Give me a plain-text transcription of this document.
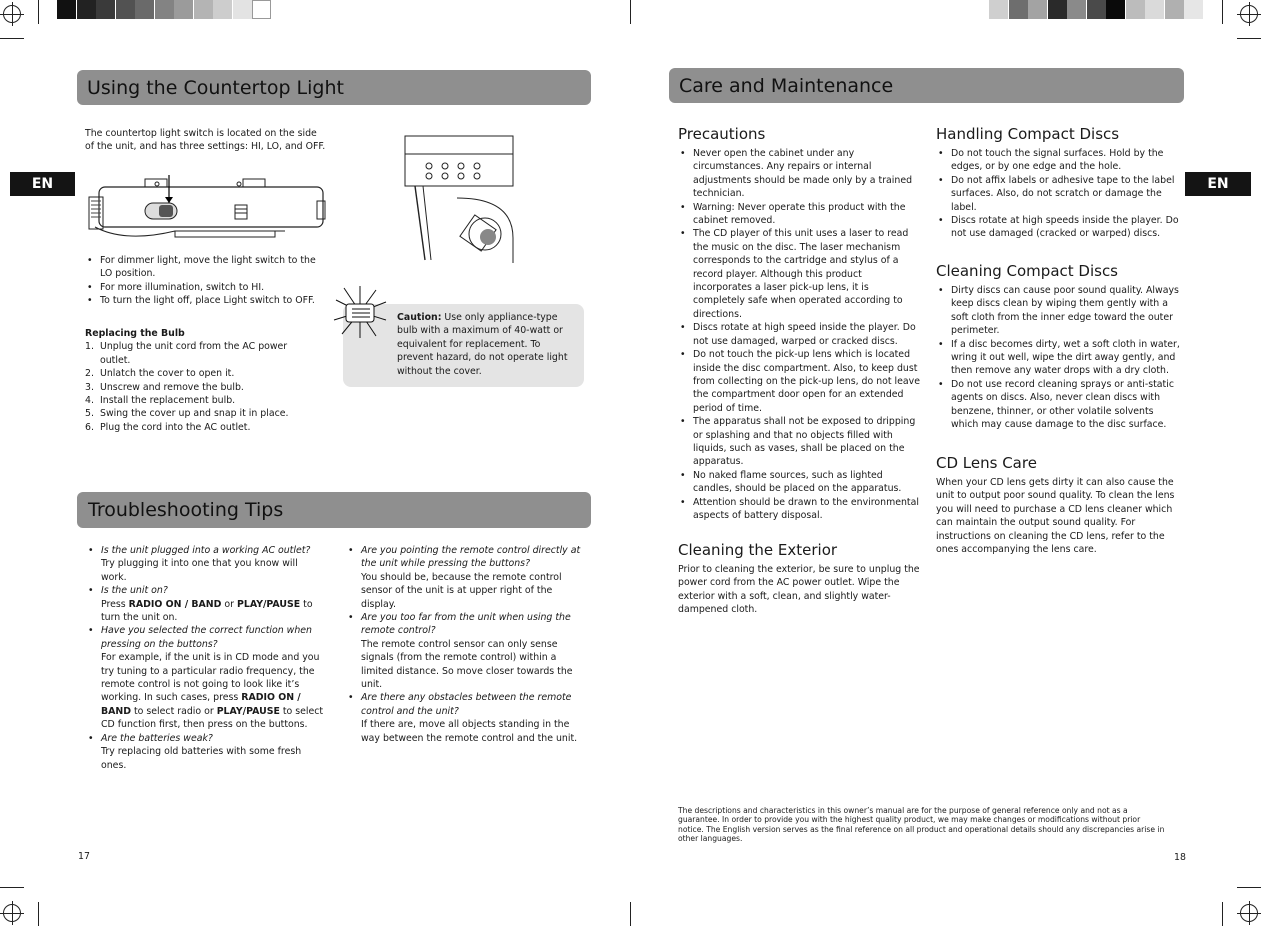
EN	EN
Using the Countertop Light
The countertop light switch is located on the side of the unit, and has three settings: HI, LO, and OFF.
• For dimmer light, move the light switch to the LO position.
• For more illumination, switch to HI.
• To turn the light off, place Light switch to OFF.
Replacing the Bulb
1. Unplug the unit cord from the AC power outlet.
2. Unlatch the cover to open it.
3. Unscrew and remove the bulb.
4. Install the replacement bulb.
5. Swing the cover up and snap it in place.
6. Plug the cord into the AC outlet.
Caution: Use only appliance-type bulb with a maximum of 40-watt or equivalent for replacement. To prevent hazard, do not operate light without the cover.
Troubleshooting Tips
• Is the unit plugged into a working AC outlet?
Try plugging it into one that you know will work.
• Is the unit on?
Press RADIO ON / BAND or PLAY/PAUSE to turn the unit on.
• Have you selected the correct function when pressing on the buttons?
For example, if the unit is in CD mode and you try tuning to a particular radio frequency, the remote control is not going to look like it’s working. In such cases, press RADIO ON / BAND to select radio or PLAY/PAUSE to select CD function first, then press on the buttons.
• Are the batteries weak?
Try replacing old batteries with some fresh ones.
• Are you pointing the remote control directly at the unit while pressing the buttons?
You should be, because the remote control sensor of the unit is at upper right of the display.
• Are you too far from the unit when using the remote control?
The remote control sensor can only sense signals (from the remote control) within a limited distance. So move closer towards the unit.
• Are there any obstacles between the remote control and the unit?
If there are, move all objects standing in the way between the remote control and the unit.
17
Care and Maintenance
Precautions
• Never open the cabinet under any circumstances. Any repairs or internal adjustments should be made only by a trained technician.
• Warning: Never operate this product with the cabinet removed.
• The CD player of this unit uses a laser to read the music on the disc. The laser mechanism corresponds to the cartridge and stylus of a record player. Although this product incorporates a laser pick-up lens, it is completely safe when operated according to directions.
• Discs rotate at high speed inside the player. Do not use damaged, warped or cracked discs.
• Do not touch the pick-up lens which is located inside the disc compartment. Also, to keep dust from collecting on the pick-up lens, do not leave the compartment door open for an extended period of time.
• The apparatus shall not be exposed to dripping or splashing and that no objects filled with liquids, such as vases, shall be placed on the apparatus.
• No naked flame sources, such as lighted candles, should be placed on the apparatus.
• Attention should be drawn to the environmental aspects of battery disposal.
Cleaning the Exterior
Prior to cleaning the exterior, be sure to unplug the power cord from the AC power outlet. Wipe the exterior with a soft, clean, and slightly water-dampened cloth.
Handling Compact Discs
• Do not touch the signal surfaces. Hold by the edges, or by one edge and the hole.
• Do not affix labels or adhesive tape to the label surfaces. Also, do not scratch or damage the label.
• Discs rotate at high speeds inside the player. Do not use damaged (cracked or warped) discs.
Cleaning Compact Discs
• Dirty discs can cause poor sound quality. Always keep discs clean by wiping them gently with a soft cloth from the inner edge toward the outer perimeter.
• If a disc becomes dirty, wet a soft cloth in water, wring it out well, wipe the dirt away gently, and then remove any water drops with a dry cloth.
• Do not use record cleaning sprays or anti-static agents on discs. Also, never clean discs with benzene, thinner, or other volatile solvents which may cause damage to the disc surface.
CD Lens Care
When your CD lens gets dirty it can also cause the unit to output poor sound quality. To clean the lens you will need to purchase a CD lens cleaner which can maintain the output sound quality. For instructions on cleaning the CD lens, refer to the ones accompanying the lens care.
The descriptions and characteristics in this owner’s manual are for the purpose of general reference only and not as a guarantee. In order to provide you with the highest quality product, we may make changes or modifications without prior notice. The English version serves as the final reference on all product and operational details should any discrepancies arise in other languages.
18
